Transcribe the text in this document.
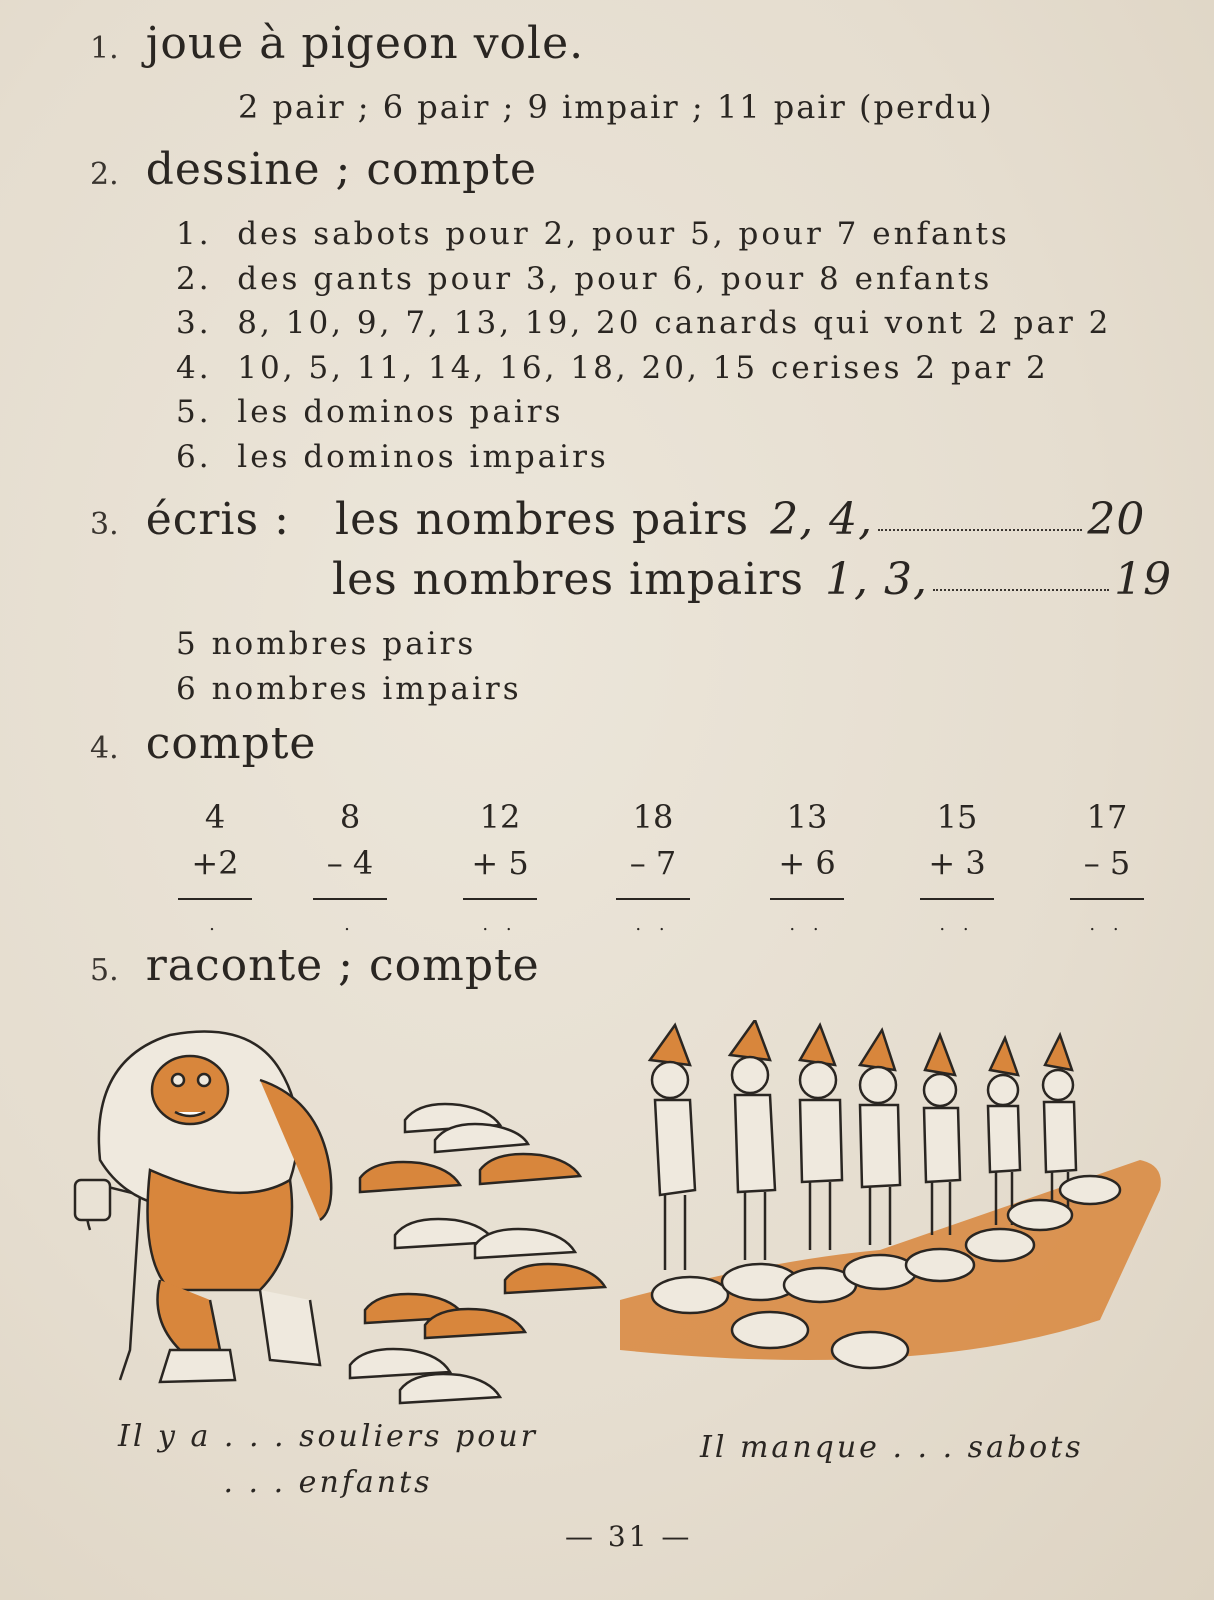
1. joue à pigeon vole.
2 pair ; 6 pair ; 9 impair ; 11 pair (perdu)
2. dessine ; compte
1. des sabots pour 2, pour 5, pour 7 enfants
2. des gants pour 3, pour 6, pour 8 enfants
3. 8, 10, 9, 7, 13, 19, 20 canards qui vont 2 par 2
4. 10, 5, 11, 14, 16, 18, 20, 15 cerises 2 par 2
5. les dominos pairs
6. les dominos impairs
3. écris : les nombres pairs 2, 4,	20
les nombres impairs 1, 3,	19
5 nombres pairs
6 nombres impairs
4. compte
4
+2
.
8
– 4
.
12
+ 5
. .
18
– 7
. .
13
+ 6
. .
15
+ 3
. .
17
– 5
. .
5. raconte ; compte
Il y a . . . souliers pour
. . . enfants
Il manque . . . sabots
— 31 —
